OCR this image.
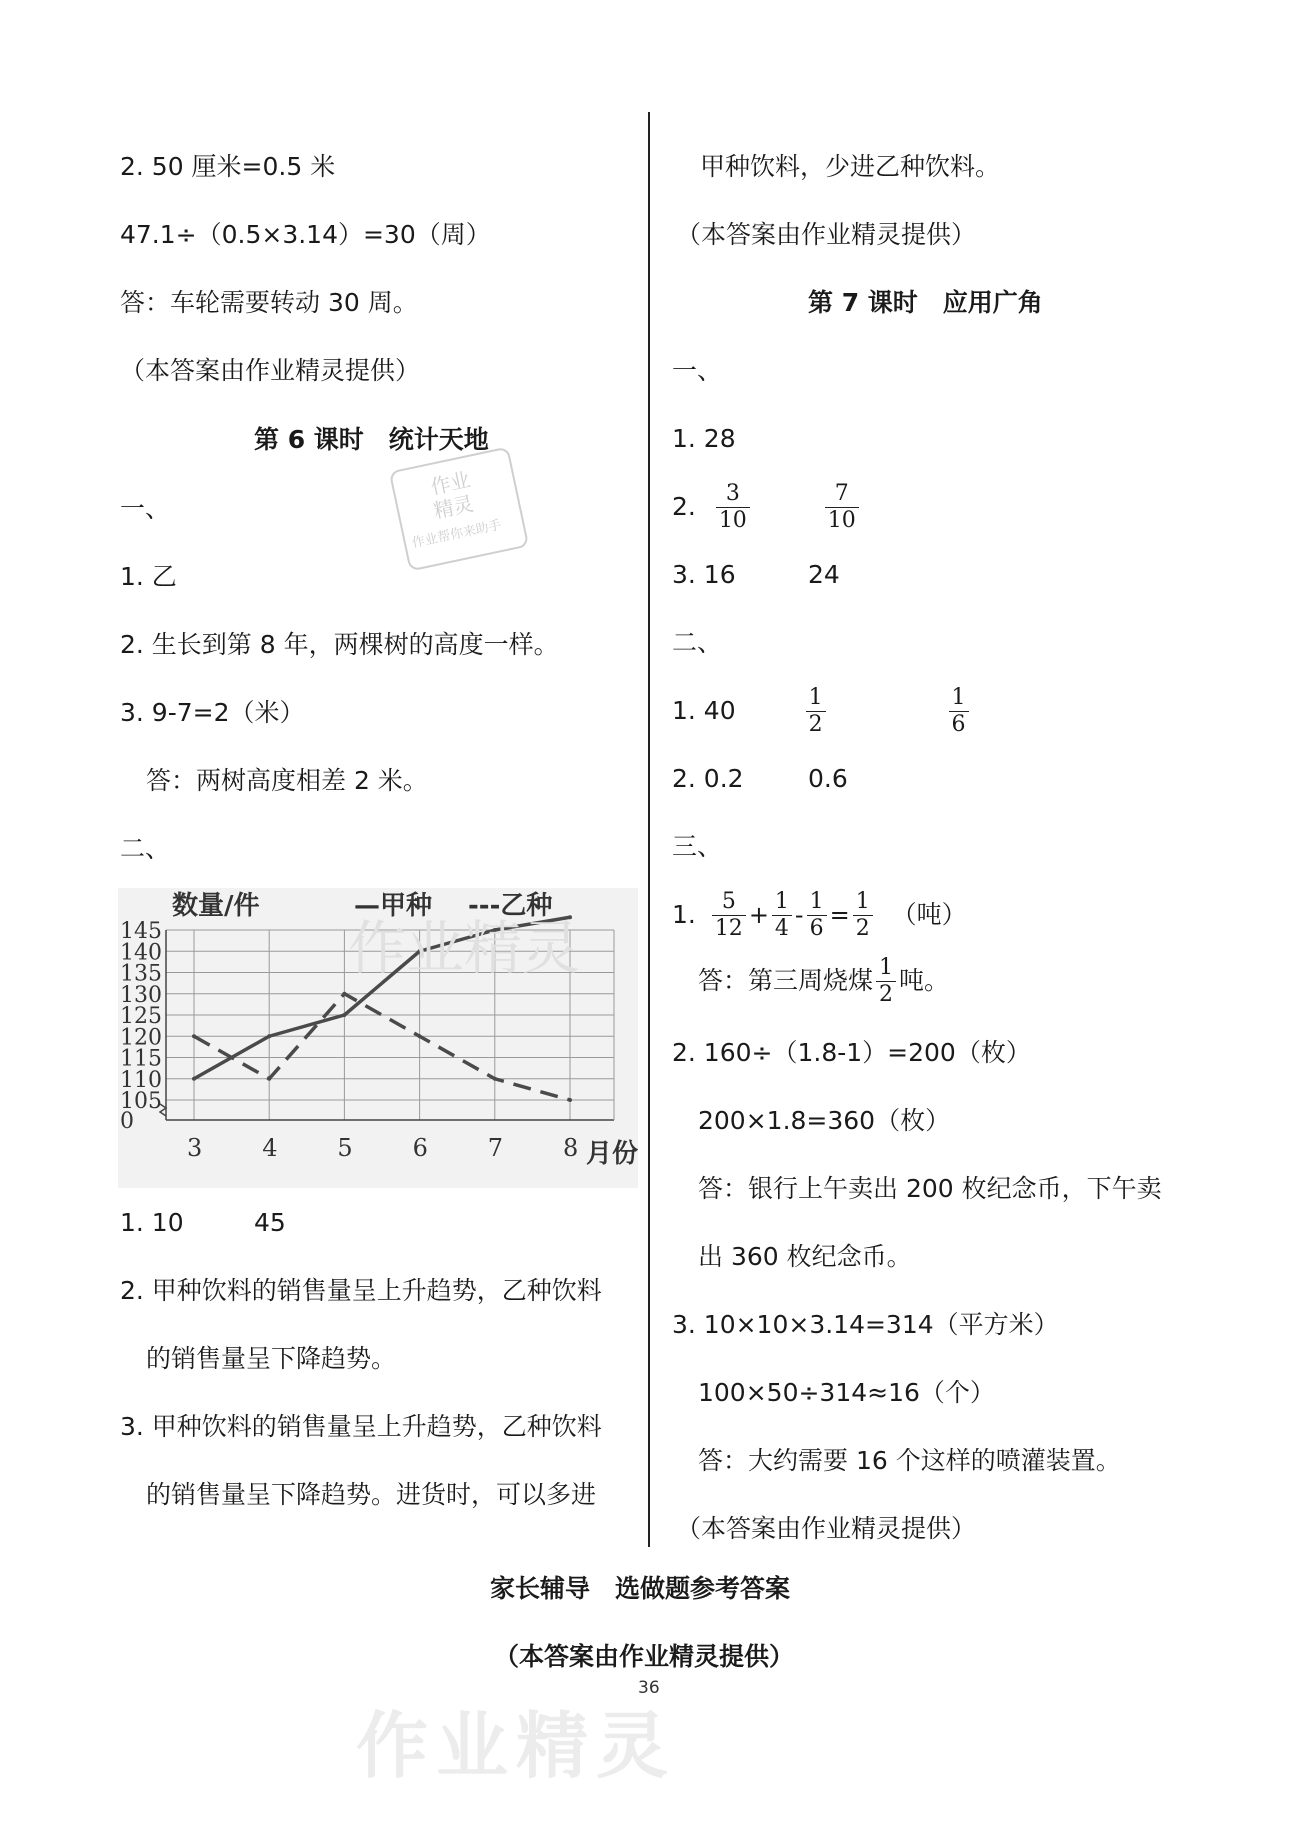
作业
精灵
作业帮你来助手
2. 50 厘米=0.5 米
47.1÷（0.5×3.14）=30（周）
答：车轮需要转动 30 周。
（本答案由作业精灵提供）
第 6 课时　统计天地
一、
1. 乙
2. 生长到第 8 年，两棵树的高度一样。
3. 9-7=2（米）
答：两树高度相差 2 米。
二、
145
140
135
130
125
120
115
110
105
0
3 4 5 6 7 8
数量/件
月份
—甲种 ---乙种
作业精灵
1. 10	45
2. 甲种饮料的销售量呈上升趋势，乙种饮料
的销售量呈下降趋势。
3. 甲种饮料的销售量呈上升趋势，乙种饮料
的销售量呈下降趋势。进货时，可以多进
甲种饮料，少进乙种饮料。
（本答案由作业精灵提供）
第 7 课时　应用广角
一、
1. 28
2. $\frac{3}{10}$
	$\frac{7}{10}$
3. 16	24
二、
1. 40	$\frac{1}{2}$
	$\frac{1}{6}$
2. 0.2	0.6
三、
1. $\frac{5}{12} + \frac{1}{4} - \frac{1}{6} = \frac{1}{2}$ （吨）
答：第三周烧煤 $\frac{1}{2}$ 吨。
2. 160÷（1.8-1）=200（枚）
200×1.8=360（枚）
答：银行上午卖出 200 枚纪念币，下午卖
出 360 枚纪念币。
3. 10×10×3.14=314（平方米）
100×50÷314≈16（个）
答：大约需要 16 个这样的喷灌装置。
（本答案由作业精灵提供）
家长辅导　选做题参考答案
（本答案由作业精灵提供）
36
作业精灵
